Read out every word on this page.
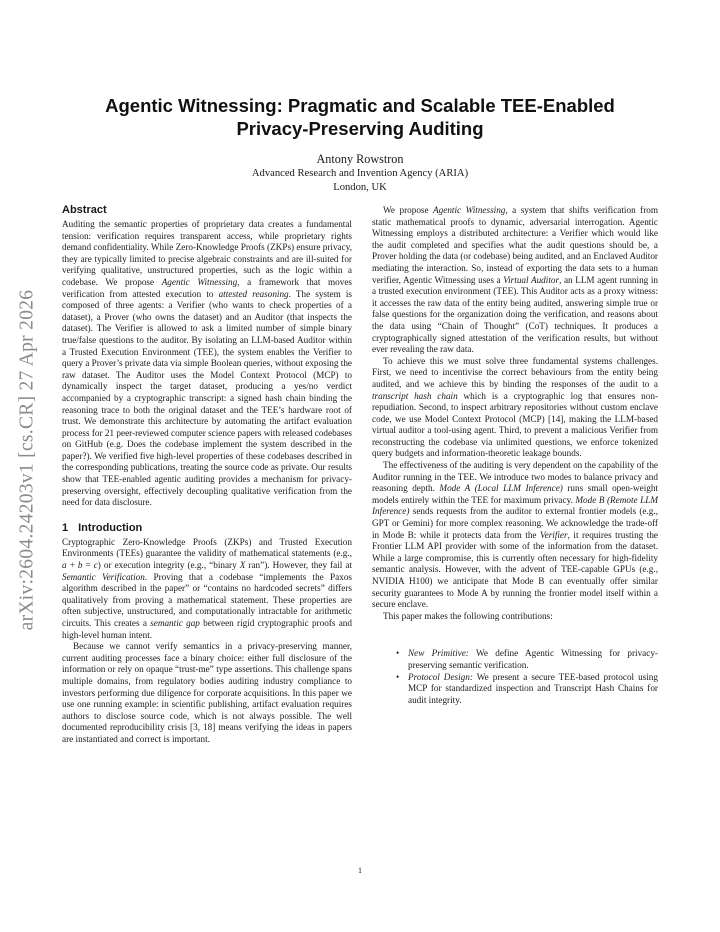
arXiv:2604.24203v1 [cs.CR] 27 Apr 2026
Agentic Witnessing: Pragmatic and Scalable TEE-Enabled Privacy-Preserving Auditing
Antony Rowstron
Advanced Research and Invention Agency (ARIA)
London, UK
Abstract

Auditing the semantic properties of proprietary data creates a fundamental tension: verification requires transparent access, while proprietary rights demand confidentiality. While Zero-Knowledge Proofs (ZKPs) ensure privacy, they are typically limited to precise algebraic constraints and are ill-suited for verifying qualitative, unstructured properties, such as the logic within a codebase. We propose Agentic Witnessing, a framework that moves verification from attested execution to attested reasoning. The system is composed of three agents: a Verifier (who wants to check properties of a dataset), a Prover (who owns the dataset) and an Auditor (that inspects the dataset). The Verifier is allowed to ask a limited number of simple binary true/false questions to the auditor. By isolating an LLM-based Auditor within a Trusted Execution Environment (TEE), the system enables the Verifier to query a Prover’s private data via simple Boolean queries, without exposing the raw dataset. The Auditor uses the Model Context Protocol (MCP) to dynamically inspect the target dataset, producing a yes/no verdict accompanied by a cryptographic transcript: a signed hash chain binding the reasoning trace to both the original dataset and the TEE’s hardware root of trust. We demonstrate this architecture by automating the artifact evaluation process for 21 peer-reviewed computer science papers with released codebases on GitHub (e.g. Does the codebase implement the system described in the paper?). We verified five high-level properties of these codebases described in the corresponding publications, treating the source code as private. Our results show that TEE-enabled agentic auditing provides a mechanism for privacy-preserving oversight, effectively decoupling qualitative verification from the need for data disclosure.

1 Introduction

Cryptographic Zero-Knowledge Proofs (ZKPs) and Trusted Execution Environments (TEEs) guarantee the validity of mathematical statements (e.g., a + b = c) or execution integrity (e.g., “binary X ran”). However, they fail at Semantic Verification. Proving that a codebase “implements the Paxos algorithm described in the paper” or “contains no hardcoded secrets” differs qualitatively from proving a mathematical statement. These properties are often subjective, unstructured, and computationally intractable for arithmetic circuits. This creates a semantic gap between rigid cryptographic proofs and high-level human intent.

Because we cannot verify semantics in a privacy-preserving manner, current auditing processes face a binary choice: either full disclosure of the information or rely on opaque “trust-me” type assertions. This challenge spans multiple domains, from regulatory bodies auditing industry compliance to investors performing due diligence for corporate acquisitions. In this paper we use one running example: in scientific publishing, artifact evaluation requires authors to disclose source code, which is not always possible. The well documented reproducibility crisis [3, 18] means verifying the ideas in papers are instantiated and correct is important.

We propose Agentic Witnessing, a system that shifts verification from static mathematical proofs to dynamic, adversarial interrogation. Agentic Witnessing employs a distributed architecture: a Verifier which would like the audit completed and specifies what the audit questions should be, a Prover holding the data (or codebase) being audited, and an Enclaved Auditor mediating the interaction. So, instead of exporting the data sets to a human verifier, Agentic Witnessing uses a Virtual Auditor, an LLM agent running in a trusted execution environment (TEE). This Auditor acts as a proxy witness: it accesses the raw data of the entity being audited, answering simple true or false questions for the organization doing the verification, and reasons about the data using “Chain of Thought” (CoT) techniques. It produces a cryptographically signed attestation of the verification results, but without ever revealing the raw data.

To achieve this we must solve three fundamental systems challenges. First, we need to incentivise the correct behaviours from the entity being audited, and we achieve this by binding the responses of the audit to a transcript hash chain which is a cryptographic log that ensures non-repudiation. Second, to inspect arbitrary repositories without custom enclave code, we use Model Context Protocol (MCP) [14], making the LLM-based virtual auditor a tool-using agent. Third, to prevent a malicious Verifier from reconstructing the codebase via unlimited questions, we enforce tokenized query budgets and information-theoretic leakage bounds.

The effectiveness of the auditing is very dependent on the capability of the Auditor running in the TEE. We introduce two modes to balance privacy and reasoning depth. Mode A (Local LLM Inference) runs small open-weight models entirely within the TEE for maximum privacy. Mode B (Remote LLM Inference) sends requests from the auditor to external frontier models (e.g., GPT or Gemini) for more complex reasoning. We acknowledge the trade-off in Mode B: while it protects data from the Verifier, it requires trusting the Frontier LLM API provider with some of the information from the dataset. While a large compromise, this is currently often necessary for high-fidelity semantic analysis. However, with the advent of TEE-capable GPUs (e.g., NVIDIA H100) we anticipate that Mode B can eventually offer similar security guarantees to Mode A by running the frontier model itself within a secure enclave.

This paper makes the following contributions:

• New Primitive: We define Agentic Witnessing for privacy-preserving semantic verification.
• Protocol Design: We present a secure TEE-based protocol using MCP for standardized inspection and Transcript Hash Chains for audit integrity.
1
